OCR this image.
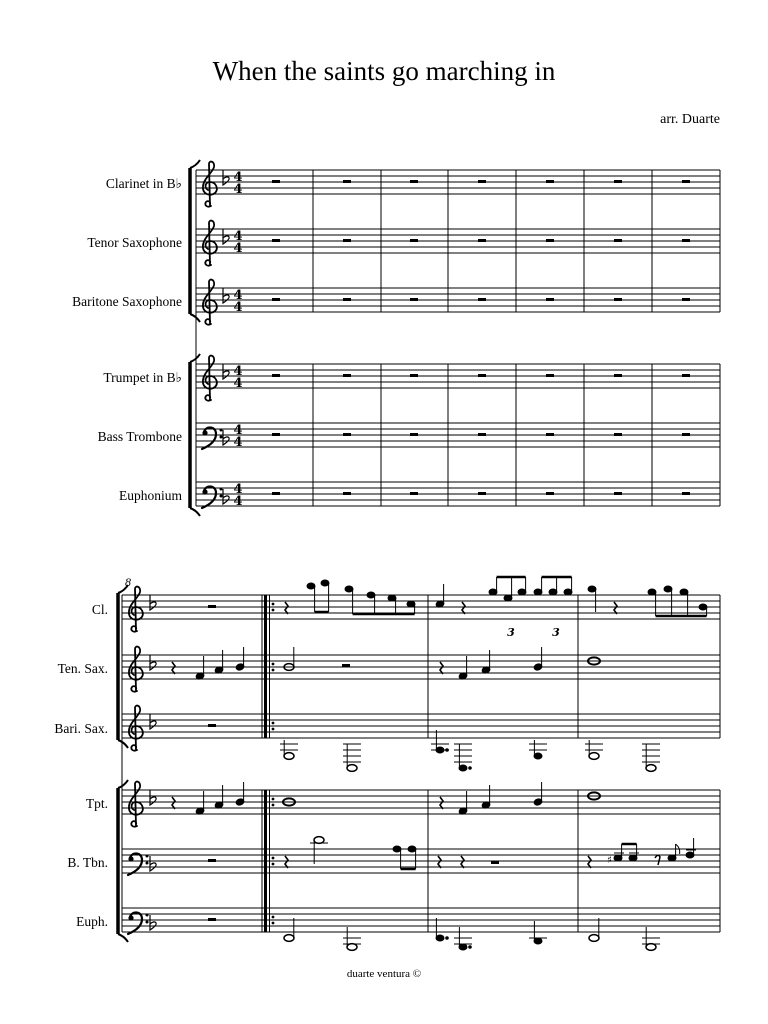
When the saints go marching in
arr. Duarte
Clarinet in B♭
Tenor Saxophone
Baritone Saxophone
Trumpet in B♭
Bass Trombone
Euphonium
8
Cl.
Ten. Sax.
Bari. Sax.
Tpt.
B. Tbn.
Euph.
4
4
4
4
4
4
4
4
4
4
4
4
3	3
♯
duarte ventura ©
